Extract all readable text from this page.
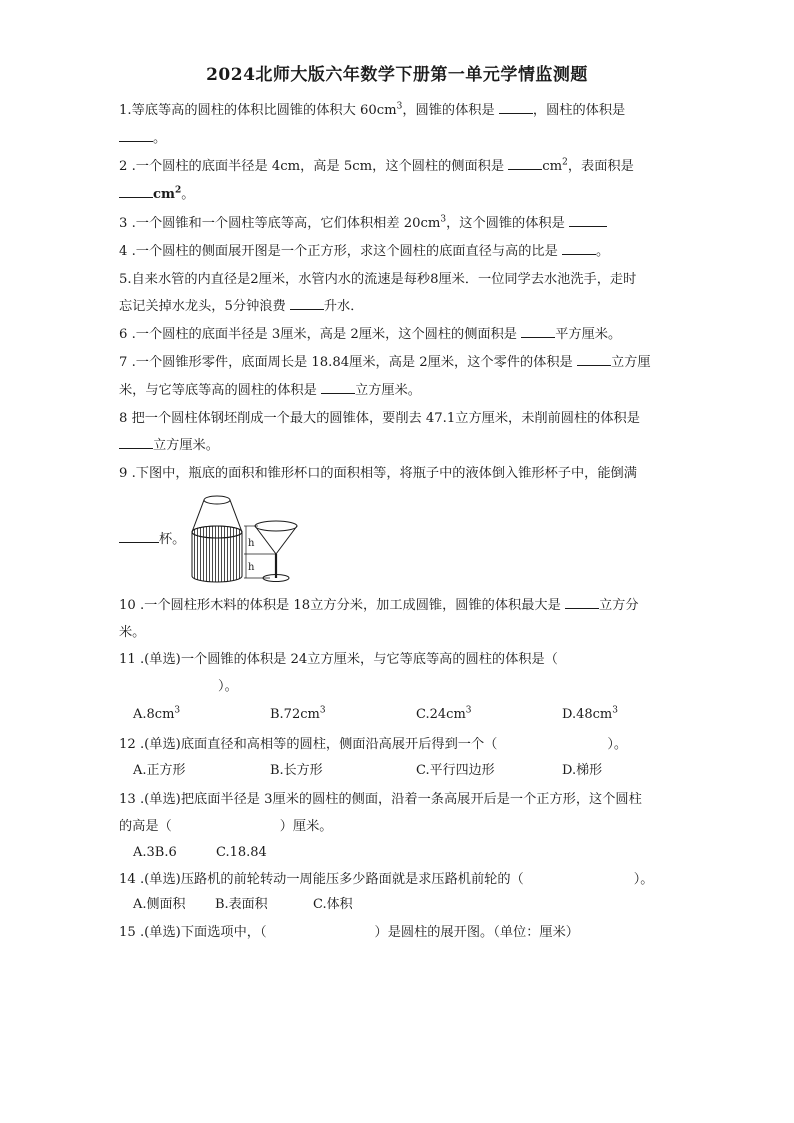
2024北师大版六年数学下册第一单元学情监测题
1.等底等高的圆柱的体积比圆锥的体积大 $60cm^3$，圆锥的体积是	，圆柱的体积是
。
2 .一个圆柱的底面半径是 4cm，高是 5cm，这个圆柱的侧面积是	$cm^2$，表面积是
$cm^2$。
3 .一个圆锥和一个圆柱等底等高，它们体积相差 $20cm^3$，这个圆锥的体积是
4 .一个圆柱的侧面展开图是一个正方形，求这个圆柱的底面直径与高的比是	。
5.自来水管的内直径是2厘米，水管内水的流速是每秒8厘米．一位同学去水池洗手，走时
忘记关掉水龙头，5分钟浪费	升水．
6 .一个圆柱的底面半径是 3厘米，高是 2厘米，这个圆柱的侧面积是	平方厘米。
7 .一个圆锥形零件，底面周长是 18.84厘米，高是 2厘米，这个零件的体积是	立方厘
米，与它等底等高的圆柱的体积是	立方厘米。
8 把一个圆柱体钢坯削成一个最大的圆锥体，要削去 47.1立方厘米，未削前圆柱的体积是
立方厘米。
9 .下图中，瓶底的面积和锥形杯口的面积相等，将瓶子中的液体倒入锥形杯子中，能倒满
杯。	h
h
10 .一个圆柱形木料的体积是 18立方分米，加工成圆锥，圆锥的体积最大是	立方分
米。
11 .(单选)一个圆锥的体积是 24立方厘米，与它等底等高的圆柱的体积是（
）。
$A.8cm^3$	$B.72cm^3$	$C.24cm^3$	$D.48cm^3$
12 .(单选)底面直径和高相等的圆柱，侧面沿高展开后得到一个（	）。
A.正方形	B.长方形	C.平行四边形	D.梯形
13 .(单选)把底面半径是 3厘米的圆柱的侧面，沿着一条高展开后是一个正方形，这个圆柱
的高是（	）厘米。
A.3B.6	C.18.84
14 .(单选)压路机的前轮转动一周能压多少路面就是求压路机前轮的（	）。
A.侧面积 B.表面积	C.体积
15 .(单选)下面选项中，（	）是圆柱的展开图。（单位：厘米）
